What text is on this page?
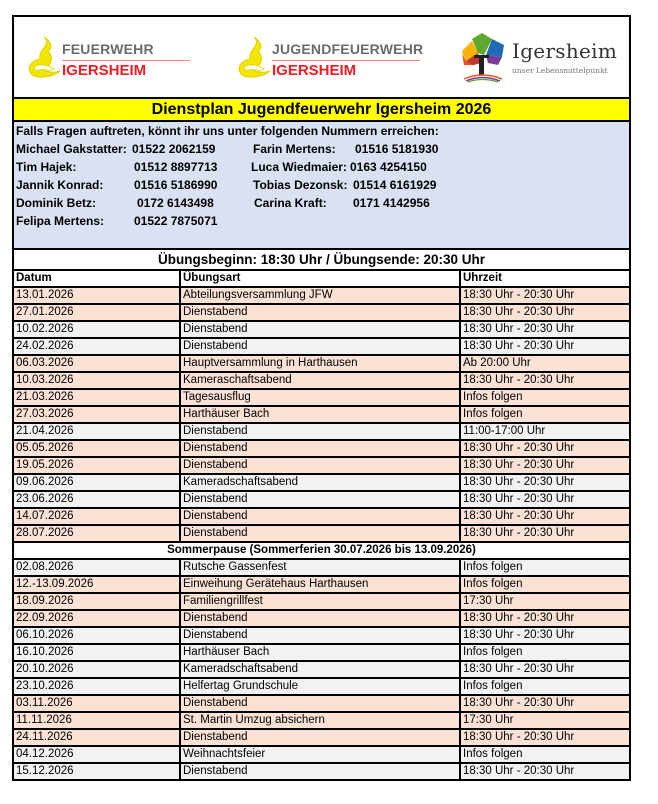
FEUERWEHR
IGERSHEIM
JUGENDFEUERWEHR
IGERSHEIM
Igersheim
unser Lebensmittelpunkt
Dienstplan Jugendfeuerwehr Igersheim 2026
Falls Fragen auftreten, könnt ihr uns unter folgenden Nummern erreichen:
Michael Gakstatter: 01522 2062159	Farin Mertens: 01516 5181930
Tim Hajek:	01512 8897713	Luca Wiedmaier: 0163 4254150
Jannik Konrad:	01516 5186990	Tobias Dezonsk: 01514 6161929
Dominik Betz:	0172 6143498	Carina Kraft: 0171 4142956
Felipa Mertens: 01522 7875071
Übungsbeginn: 18:30 Uhr / Übungsende: 20:30 Uhr
Datum	Übungsart	Uhrzeit
13.01.2026	Abteilungsversammlung JFW	18:30 Uhr - 20:30 Uhr
27.01.2026	Dienstabend	18:30 Uhr - 20:30 Uhr
10.02.2026	Dienstabend	18:30 Uhr - 20:30 Uhr
24.02.2026	Dienstabend	18:30 Uhr - 20:30 Uhr
06.03.2026	Hauptversammlung in Harthausen	Ab 20:00 Uhr
10.03.2026	Kameraschaftsabend	18:30 Uhr - 20:30 Uhr
21.03.2026	Tagesausflug	Infos folgen
27.03.2026	Harthäuser Bach	Infos folgen
21.04.2026	Dienstabend	11:00-17:00 Uhr
05.05.2026	Dienstabend	18:30 Uhr - 20:30 Uhr
19.05.2026	Dienstabend	18:30 Uhr - 20:30 Uhr
09.06.2026	Kameradschaftsabend	18:30 Uhr - 20:30 Uhr
23.06.2026	Dienstabend	18:30 Uhr - 20:30 Uhr
14.07.2026	Dienstabend	18:30 Uhr - 20:30 Uhr
28.07.2026	Dienstabend	18:30 Uhr - 20:30 Uhr
Sommerpause (Sommerferien 30.07.2026 bis 13.09.2026)		
02.08.2026	Rutsche Gassenfest	Infos folgen
12.-13.09.2026	Einweihung Gerätehaus Harthausen	Infos folgen
18.09.2026	Familiengrillfest	17:30 Uhr
22.09.2026	Dienstabend	18:30 Uhr - 20:30 Uhr
06.10.2026	Dienstabend	18:30 Uhr - 20:30 Uhr
16.10.2026	Harthäuser Bach	Infos folgen
20.10.2026	Kameradschaftsabend	18:30 Uhr - 20:30 Uhr
23.10.2026	Helfertag Grundschule	Infos folgen
03.11.2026	Dienstabend	18:30 Uhr - 20:30 Uhr
11.11.2026	St. Martin Umzug absichern	17:30 Uhr
24.11.2026	Dienstabend	18:30 Uhr - 20:30 Uhr
04.12.2026	Weihnachtsfeier	Infos folgen
15.12.2026	Dienstabend	18:30 Uhr - 20:30 Uhr
